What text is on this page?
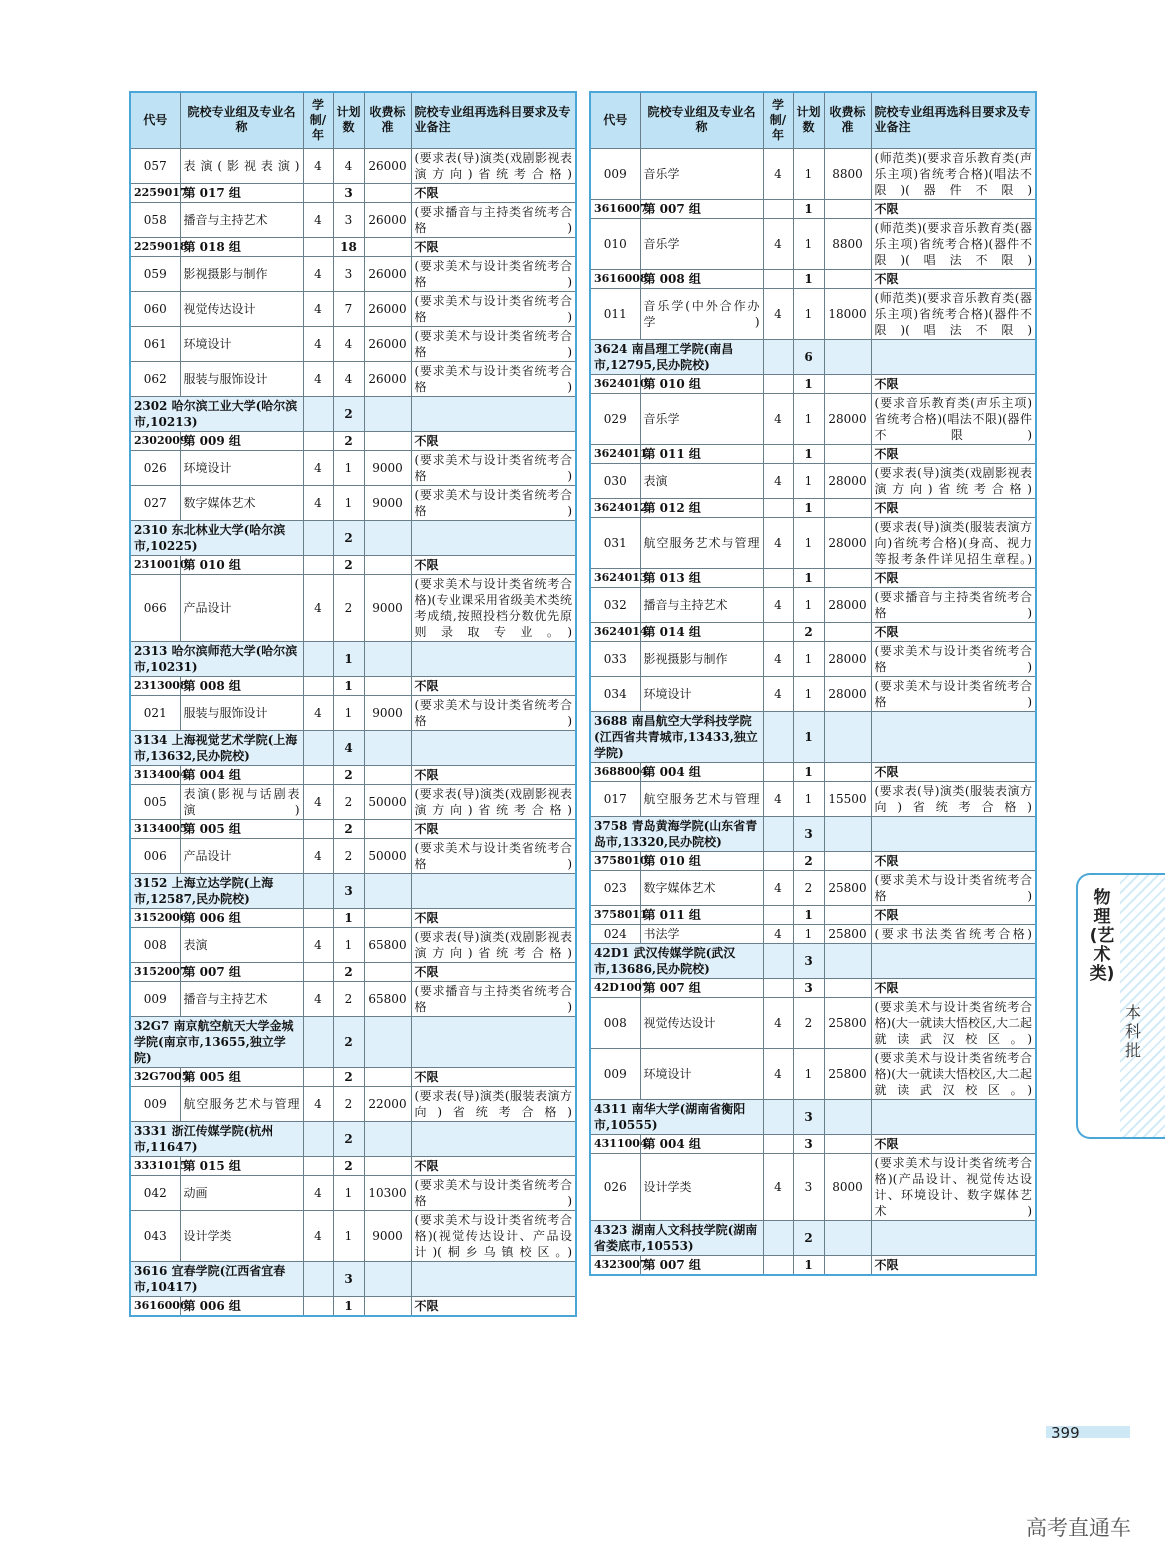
代号	院校专业组及专业名称	学制/年	计划数	收费标准	院校专业组再选科目要求及专业备注
057	表演(影视表演)	4	4	26000	(要求表(导)演类(戏剧影视表演方向)省统考合格)
2259017	第 017 组		3		不限
058	播音与主持艺术	4	3	26000	(要求播音与主持类省统考合格)
2259018	第 018 组		18		不限
059	影视摄影与制作	4	3	26000	(要求美术与设计类省统考合格)
060	视觉传达设计	4	7	26000	(要求美术与设计类省统考合格)
061	环境设计	4	4	26000	(要求美术与设计类省统考合格)
062	服装与服饰设计	4	4	26000	(要求美术与设计类省统考合格)
2302 哈尔滨工业大学(哈尔滨市,10213)			2		
2302009	第 009 组		2		不限
026	环境设计	4	1	9000	(要求美术与设计类省统考合格)
027	数字媒体艺术	4	1	9000	(要求美术与设计类省统考合格)
2310 东北林业大学(哈尔滨市,10225)			2		
2310010	第 010 组		2		不限
066	产品设计	4	2	9000	(要求美术与设计类省统考合格)(专业课采用省级美术类统考成绩,按照投档分数优先原则录取专业。)
2313 哈尔滨师范大学(哈尔滨市,10231)			1		
2313008	第 008 组		1		不限
021	服装与服饰设计	4	1	9000	(要求美术与设计类省统考合格)
3134 上海视觉艺术学院(上海市,13632,民办院校)			4		
3134004	第 004 组		2		不限
005	表演(影视与话剧表演)	4	2	50000	(要求表(导)演类(戏剧影视表演方向)省统考合格)
3134005	第 005 组		2		不限
006	产品设计	4	2	50000	(要求美术与设计类省统考合格)
3152 上海立达学院(上海市,12587,民办院校)			3		
3152006	第 006 组		1		不限
008	表演	4	1	65800	(要求表(导)演类(戏剧影视表演方向)省统考合格)
3152007	第 007 组		2		不限
009	播音与主持艺术	4	2	65800	(要求播音与主持类省统考合格)
32G7 南京航空航天大学金城学院(南京市,13655,独立学院)			2		
32G7005	第 005 组		2		不限
009	航空服务艺术与管理	4	2	22000	(要求表(导)演类(服装表演方向)省统考合格)
3331 浙江传媒学院(杭州市,11647)			2		
3331015	第 015 组		2		不限
042	动画	4	1	10300	(要求美术与设计类省统考合格)
043	设计学类	4	1	9000	(要求美术与设计类省统考合格)(视觉传达设计、产品设计)(桐乡乌镇校区。)
3616 宜春学院(江西省宜春市,10417)			3		
3616006	第 006 组		1		不限
代号	院校专业组及专业名称	学制/年	计划数	收费标准	院校专业组再选科目要求及专业备注
009	音乐学	4	1	8800	(师范类)(要求音乐教育类(声乐主项)省统考合格)(唱法不限)(器件不限)
3616007	第 007 组		1		不限
010	音乐学	4	1	8800	(师范类)(要求音乐教育类(器乐主项)省统考合格)(器件不限)(唱法不限)
3616008	第 008 组		1		不限
011	音乐学(中外合作办学)	4	1	18000	(师范类)(要求音乐教育类(器乐主项)省统考合格)(器件不限)(唱法不限)
3624 南昌理工学院(南昌市,12795,民办院校)			6		
3624010	第 010 组		1		不限
029	音乐学	4	1	28000	(要求音乐教育类(声乐主项)省统考合格)(唱法不限)(器件不限)
3624011	第 011 组		1		不限
030	表演	4	1	28000	(要求表(导)演类(戏剧影视表演方向)省统考合格)
3624012	第 012 组		1		不限
031	航空服务艺术与管理	4	1	28000	(要求表(导)演类(服装表演方向)省统考合格)(身高、视力等报考条件详见招生章程。)
3624013	第 013 组		1		不限
032	播音与主持艺术	4	1	28000	(要求播音与主持类省统考合格)
3624014	第 014 组		2		不限
033	影视摄影与制作	4	1	28000	(要求美术与设计类省统考合格)
034	环境设计	4	1	28000	(要求美术与设计类省统考合格)
3688 南昌航空大学科技学院(江西省共青城市,13433,独立学院)			1		
3688004	第 004 组		1		不限
017	航空服务艺术与管理	4	1	15500	(要求表(导)演类(服装表演方向)省统考合格)
3758 青岛黄海学院(山东省青岛市,13320,民办院校)			3		
3758010	第 010 组		2		不限
023	数字媒体艺术	4	2	25800	(要求美术与设计类省统考合格)
3758011	第 011 组		1		不限
024	书法学	4	1	25800	(要求书法类省统考合格)
42D1 武汉传媒学院(武汉市,13686,民办院校)			3		
42D1007	第 007 组		3		不限
008	视觉传达设计	4	2	25800	(要求美术与设计类省统考合格)(大一就读大悟校区,大二起就读武汉校区。)
009	环境设计	4	1	25800	(要求美术与设计类省统考合格)(大一就读大悟校区,大二起就读武汉校区。)
4311 南华大学(湖南省衡阳市,10555)			3		
4311004	第 004 组		3		不限
026	设计学类	4	3	8000	(要求美术与设计类省统考合格)(产品设计、视觉传达设计、环境设计、数字媒体艺术)
4323 湖南人文科技学院(湖南省娄底市,10553)			2		
4323007	第 007 组		1		不限
物理(艺术类)
本科批
399
高考直通车
